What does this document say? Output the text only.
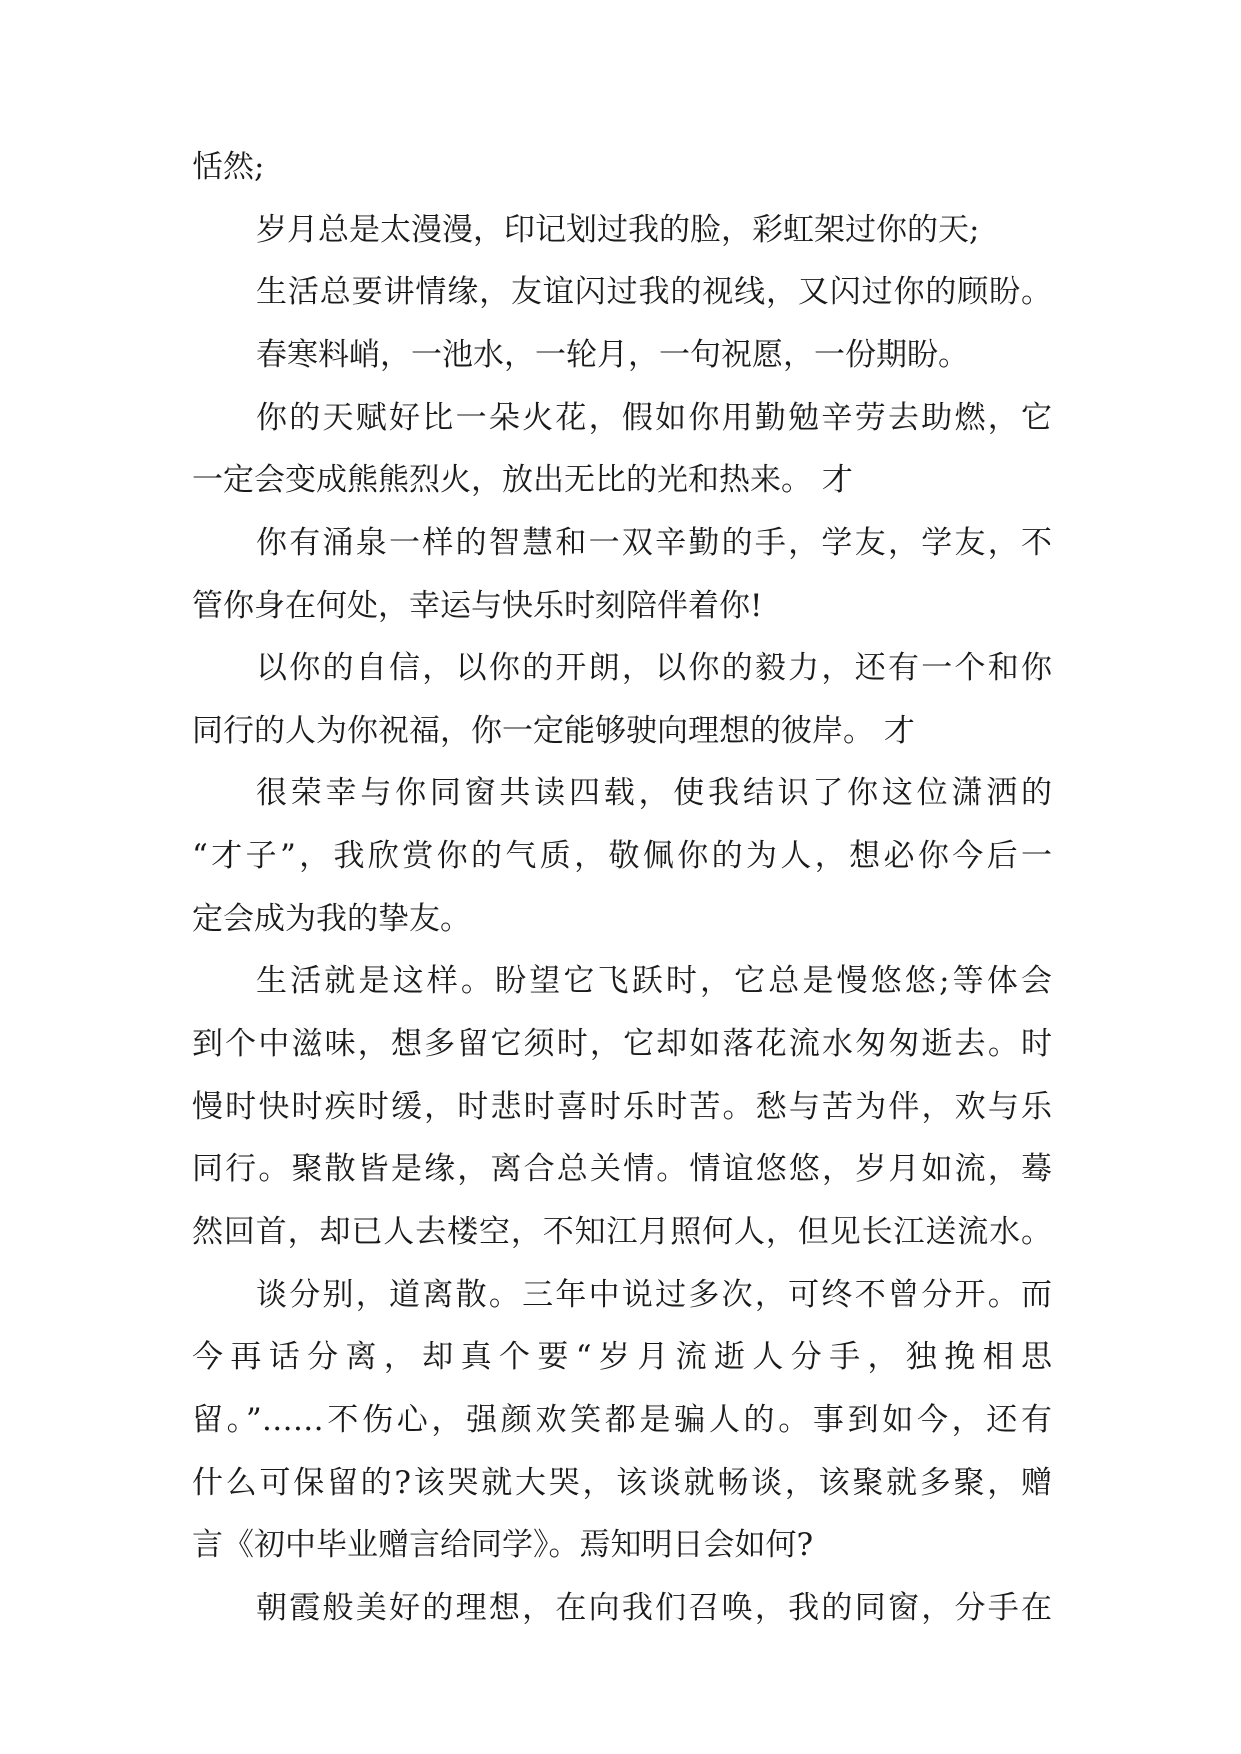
恬然;
岁月总是太漫漫，印记划过我的脸，彩虹架过你的天;
生活总要讲情缘，友谊闪过我的视线，又闪过你的顾盼。
春寒料峭，一池水，一轮月，一句祝愿，一份期盼。
你的天赋好比一朵火花，假如你用勤勉辛劳去助燃，它
一定会变成熊熊烈火，放出无比的光和热来。 才
你有涌泉一样的智慧和一双辛勤的手，学友，学友，不
管你身在何处，幸运与快乐时刻陪伴着你!
以你的自信，以你的开朗，以你的毅力，还有一个和你
同行的人为你祝福，你一定能够驶向理想的彼岸。 才
很荣幸与你同窗共读四载，使我结识了你这位潇洒的
“才子”，我欣赏你的气质，敬佩你的为人，想必你今后一
定会成为我的挚友。
生活就是这样。盼望它飞跃时，它总是慢悠悠;等体会
到个中滋味，想多留它须时，它却如落花流水匆匆逝去。时
慢时快时疾时缓，时悲时喜时乐时苦。愁与苦为伴，欢与乐
同行。聚散皆是缘，离合总关情。情谊悠悠，岁月如流，蓦
然回首，却已人去楼空，不知江月照何人，但见长江送流水。
谈分别，道离散。三年中说过多次，可终不曾分开。而
今再话分离，却真个要“岁月流逝人分手，独挽相思
留。”……不伤心，强颜欢笑都是骗人的。事到如今，还有
什么可保留的?该哭就大哭，该谈就畅谈，该聚就多聚，赠
言《初中毕业赠言给同学》。焉知明日会如何?
朝霞般美好的理想，在向我们召唤，我的同窗，分手在
